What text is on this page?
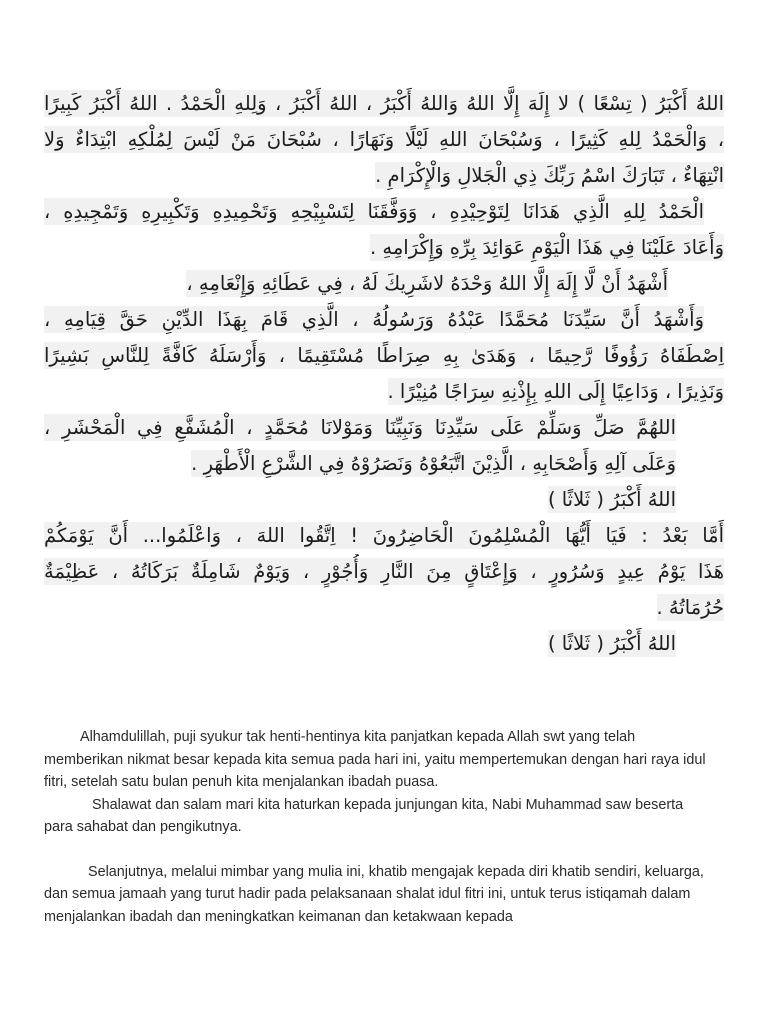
اللهُ أَكْبَرُ ( تِسْعًا ) لا إِلَهَ إِلَّا اللهُ وَاللهُ أَكْبَرُ ، اللهُ أَكْبَرُ ، وَلِلهِ الْحَمْدُ . اللهُ أَكْبَرُ كَبِيرًا
، وَالْحَمْدُ لِلهِ كَثِيرًا ، وَسُبْحَانَ اللهِ لَيْلًا وَنَهَارًا ، سُبْحَانَ مَنْ لَيْسَ لِمُلْكِهِ ابْتِدَاءٌ وَلا
انْتِهَاءٌ ، تَبَارَكَ اسْمُ رَبِّكَ ذِي الْجَلالِ وَالْإِكْرَامِ .
الْحَمْدُ لِلهِ الَّذِي هَدَانَا لِتَوْحِيْدِهِ ، وَوَفَّقَنَا لِتَسْبِيْحِهِ وَتَحْمِيدِهِ وَتَكْبِيرِهِ وَتَمْجِيدِهِ ،
وَأَعَادَ عَلَيْنَا فِي هَذَا الْيَوْمِ عَوَائِدَ بِرِّهِ وَإِكْرَامِهِ .
أَشْهَدُ أَنْ لَّا إِلَهَ إِلَّا اللهُ وَحْدَهُ لاشَرِيكَ لَهُ ، فِي عَطَائِهِ وَإِنْعَامِهِ ،
وَأَشْهَدُ أَنَّ سَيِّدَنَا مُحَمَّدًا عَبْدُهُ وَرَسُولُهُ ، الَّذِي قَامَ بِهَذَا الدِّيْنِ حَقَّ قِيَامِهِ ،
اِصْطَفَاهُ رَؤُوفًا رَّحِيمًا ، وَهَدَىٰ بِهِ صِرَاطًا مُسْتَقِيمًا ، وَأَرْسَلَهُ كَافَّةً لِلنَّاسِ بَشِيرًا
وَنَذِيرًا ، وَدَاعِيًا إِلَى اللهِ بِإِذْنِهِ سِرَاجًا مُنِيْرًا .
اللهُمَّ صَلِّ وَسَلِّمْ عَلَى سَيِّدِنَا وَنَبِيِّنَا وَمَوْلانَا مُحَمَّدٍ ، الْمُشَفَّعِ فِي الْمَحْشَرِ ،
وَعَلَى آلِهِ وَأَصْحَابِهِ ، الَّذِيْنَ اتَّبَعُوْهُ وَنَصَرُوْهُ فِي الشَّرْعِ الْأَطْهَرِ .
اللهُ أَكْبَرُ ( ثَلاثًا )
أَمَّا بَعْدُ : فَيَا أَيُّهَا الْمُسْلِمُونَ الْحَاضِرُونَ ! اِتَّقُوا اللهَ ، وَاعْلَمُوا... أَنَّ يَوْمَكُمْ
هَذَا يَوْمُ عِيدٍ وَسُرُورٍ ، وَإِعْتَاقٍ مِنَ النَّارِ وَأُجُوْرٍ ، وَيَوْمٌ شَامِلَةٌ بَرَكَاتُهُ ، عَظِيْمَةٌ
حُرُمَاتُهُ .
اللهُ أَكْبَرُ ( ثَلاثًا )

Alhamdulillah, puji syukur tak henti-hentinya kita panjatkan kepada Allah swt yang telah memberikan nikmat besar kepada kita semua pada hari ini, yaitu mempertemukan dengan hari raya idul fitri, setelah satu bulan penuh kita menjalankan ibadah puasa.

Shalawat dan salam mari kita haturkan kepada junjungan kita, Nabi Muhammad saw beserta para sahabat dan pengikutnya.

Selanjutnya, melalui mimbar yang mulia ini, khatib mengajak kepada diri khatib sendiri, keluarga, dan semua jamaah yang turut hadir pada pelaksanaan shalat idul fitri ini, untuk terus istiqamah dalam menjalankan ibadah dan meningkatkan keimanan dan ketakwaan kepada
